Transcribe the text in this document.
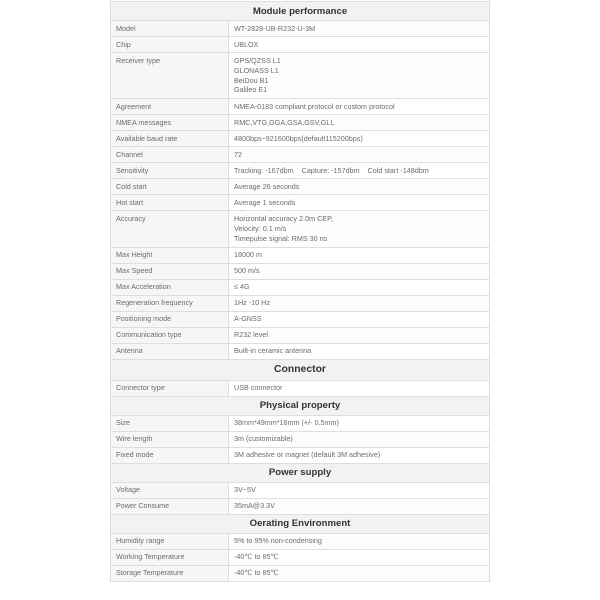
Module performance	
Model	WT-2828-UB-R232-U-3M

Chip	UBLOX

Receiver type	GPS/QZSS L1
GLONASS L1
BeiDou B1
Galileo E1

Agreement	NMEA-0183 compliant protocol or custom protocol

NMEA messages	RMC,VTG,GGA,GSA,GSV,GLL

Available baud rate	4800bps~921600bps(default115200bps)

Channel	72

Sensitivity	Tracking: -167dbm    Capture: -157dbm    Cold start -148dbm

Cold start	Average 26 seconds

Hot start	Average 1 seconds

Accuracy	Horizontal accuracy 2.0m CEP,
Velocity: 0.1 m/s
Timepulse signal: RMS 30 ns

Max Height	18000 m

Max Speed	500 m/s

Max Acceleration	≤ 4G

Regeneration frequency	1Hz -10 Hz

Positioning mode	A-GNSS

Communication type	R232 level

Antenna	Built-in ceramic antenna

Connector	
Connector type	USB connector

Physical property	
Size	38mm*49mm*16mm (+/- 0.5mm)

Wire length	3m (customizable)

Fixed mode	3M adhesive or magnet (default 3M adhesive)

Power supply	
Voltage	3V~5V

Power Consume	35mA@3.3V

Oerating Environment	
Humidity range	5% to 95% non-condensing

Working Temperature	-40℃ to 85℃

Storage Temperature	-40℃ to 85℃
